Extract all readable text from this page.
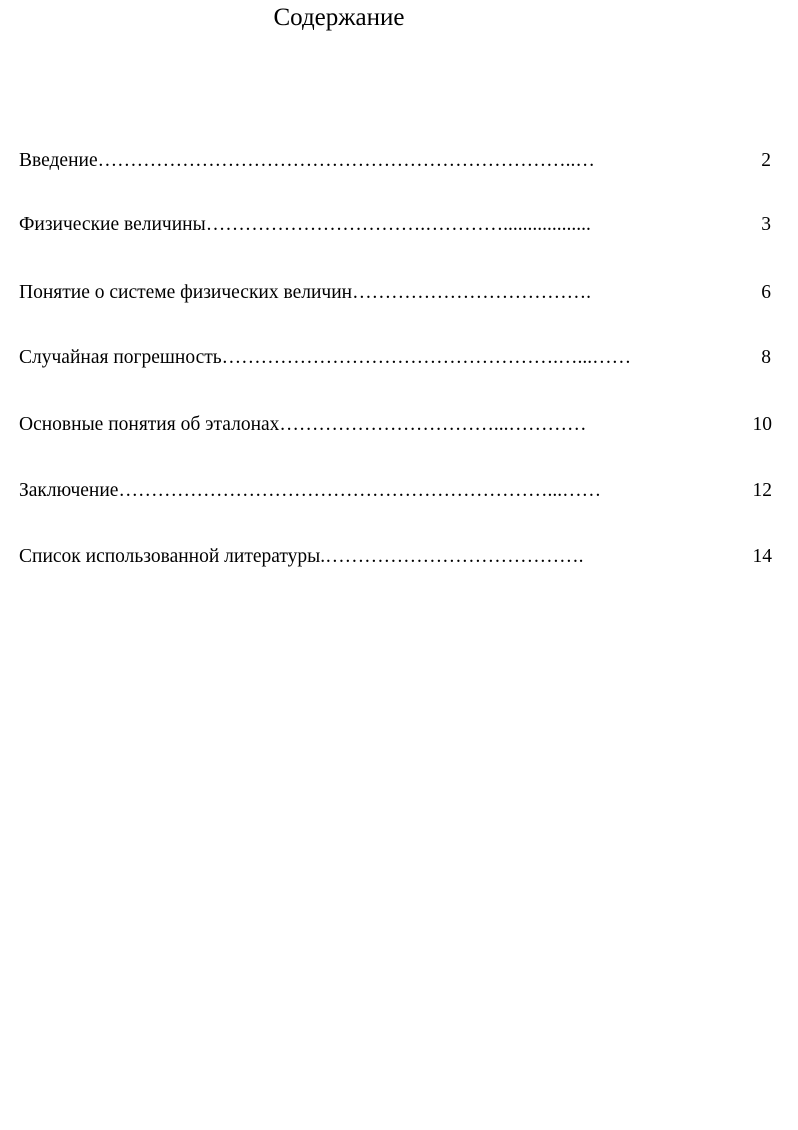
Содержание
Введение………………………………………………………………..…	2
Физические величины…………………………….…………..................	3
Понятие о системе физических величин……………………………….	6
Случайная погрешность…………………………………………….…...……	8
Основные понятия об эталонах……………………………...…………	10
Заключение…………………………………………………………...……	12
Список использованной литературы.………………………………….	14
